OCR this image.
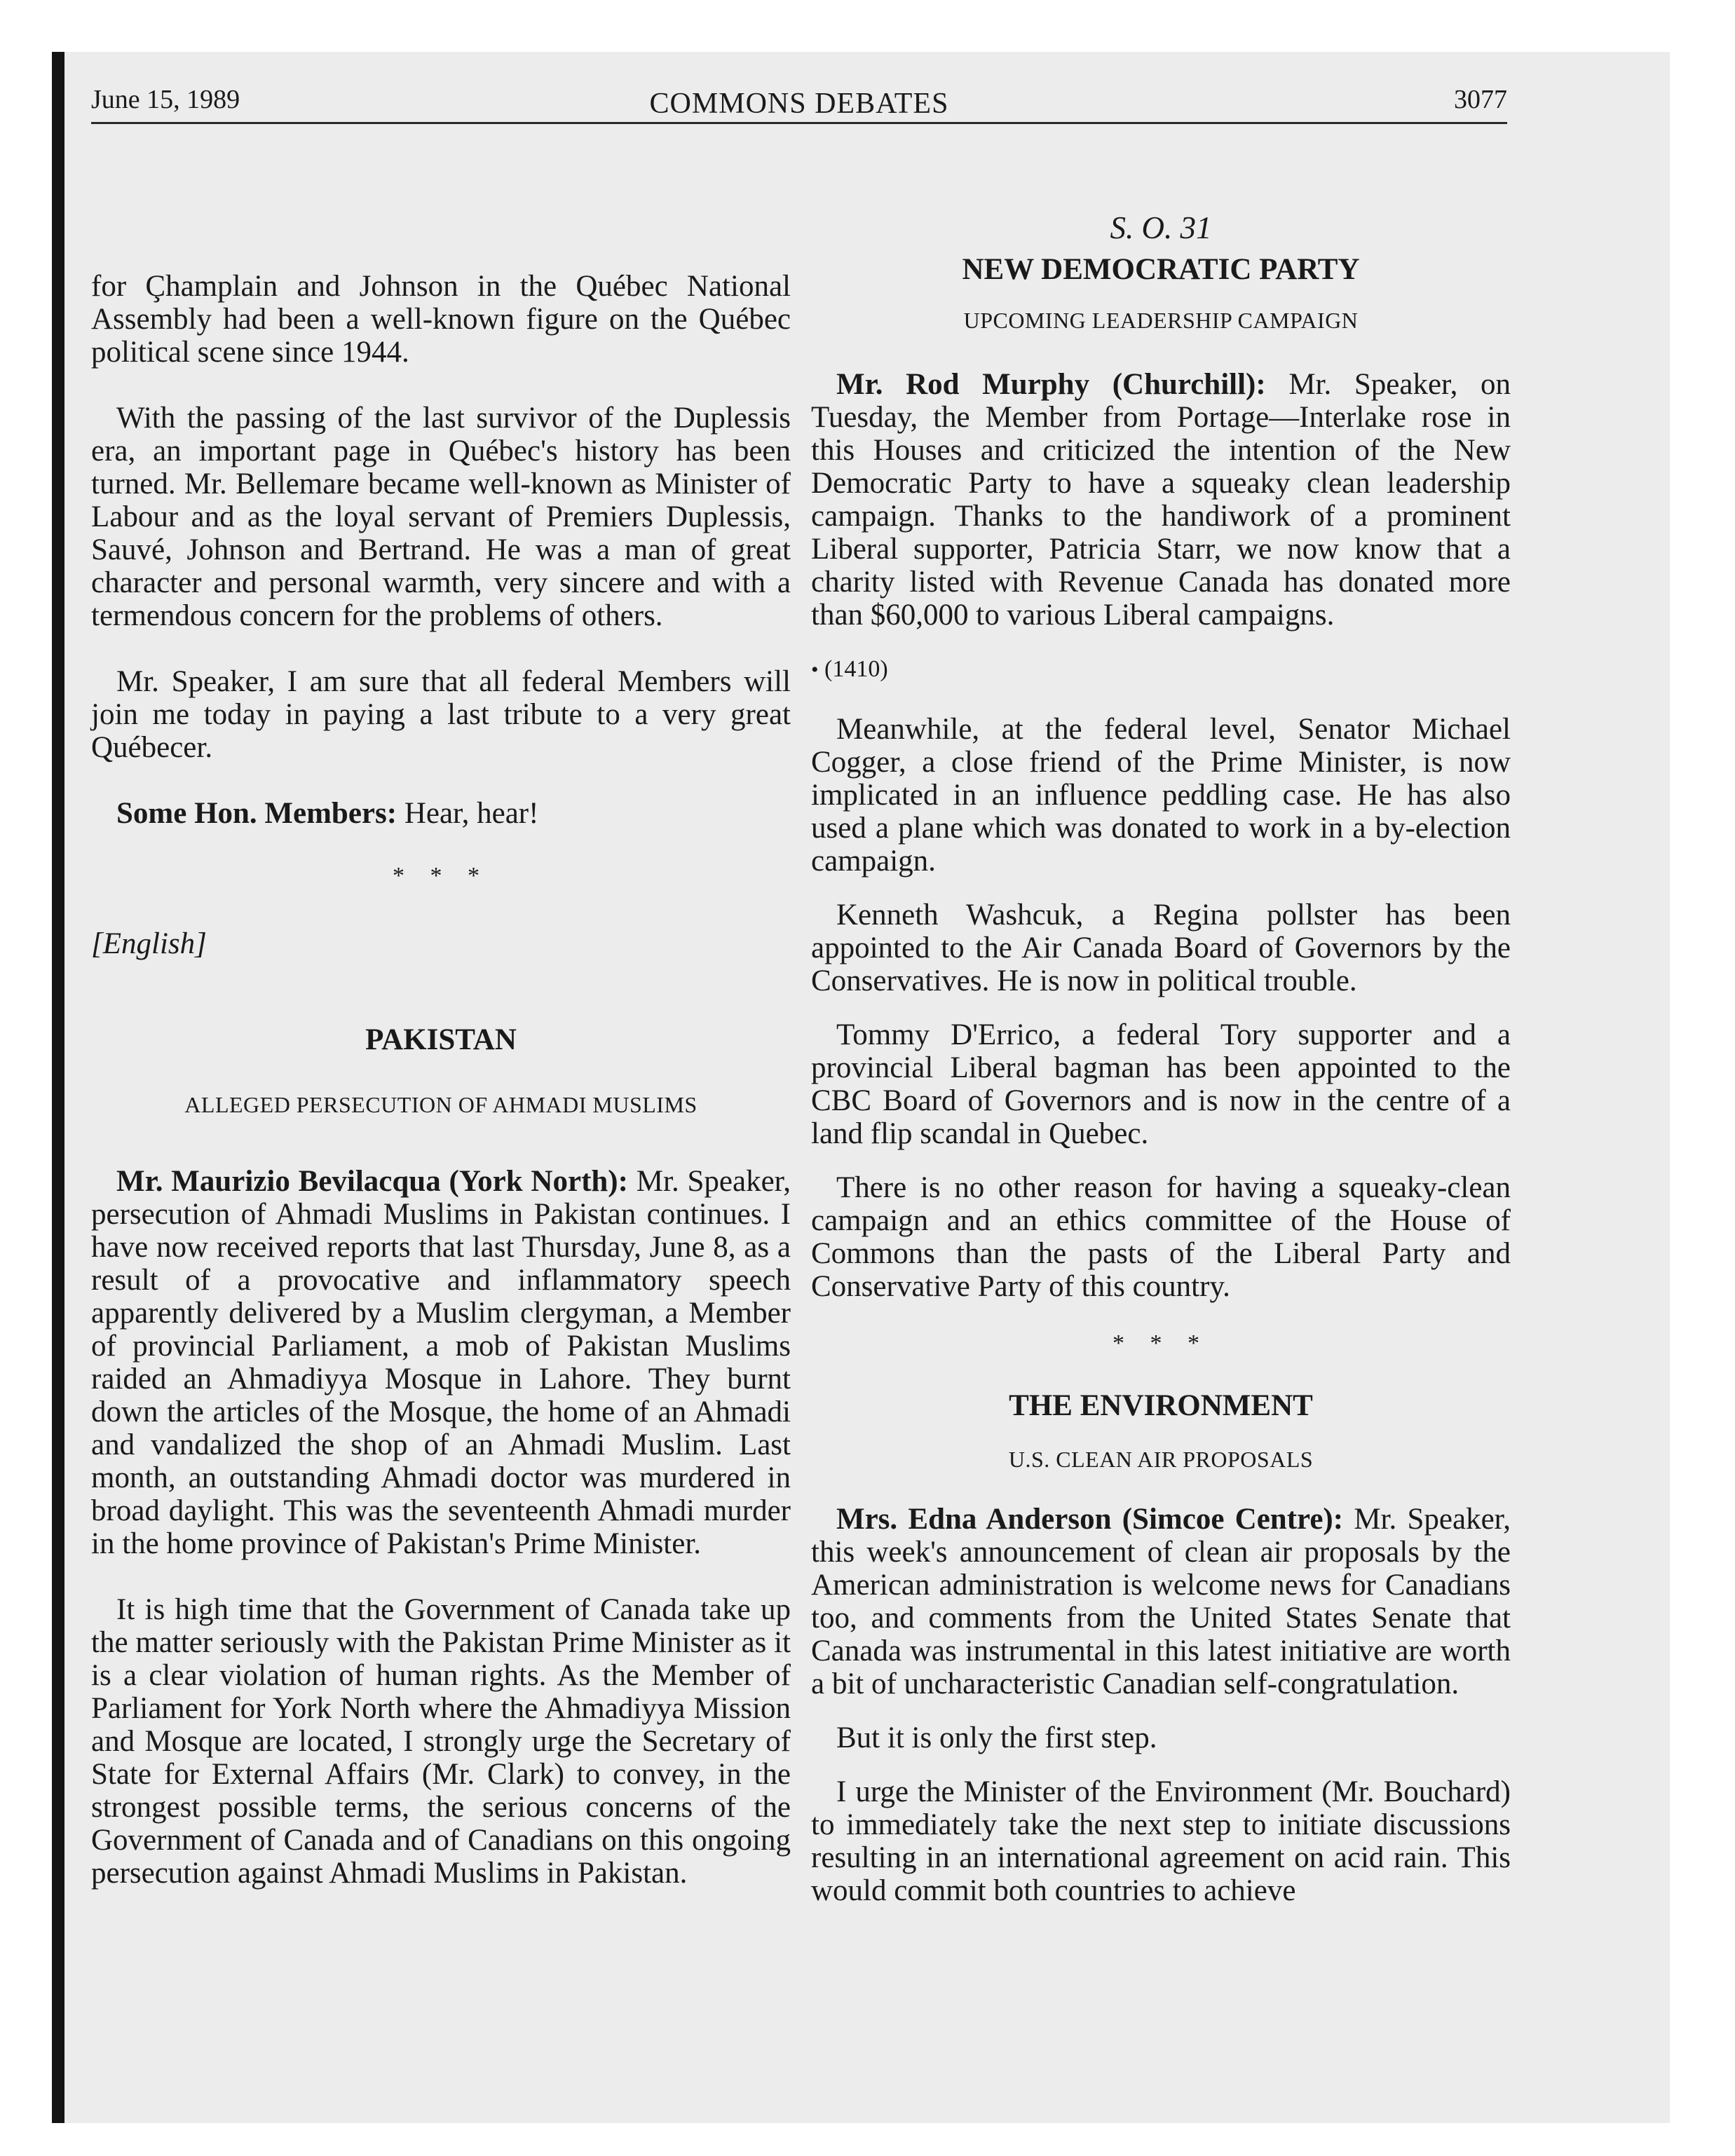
June 15, 1989	COMMONS DEBATES	3077

for Çhamplain and Johnson in the Québec National Assembly had been a well-known figure on the Québec political scene since 1944.

With the passing of the last survivor of the Duplessis era, an important page in Québec's history has been turned. Mr. Bellemare became well-known as Minister of Labour and as the loyal servant of Premiers Duplessis, Sauvé, Johnson and Bertrand. He was a man of great character and personal warmth, very sincere and with a termendous concern for the problems of others.

Mr. Speaker, I am sure that all federal Members will join me today in paying a last tribute to a very great Québecer.

Some Hon. Members: Hear, hear!

* * *

[English]

PAKISTAN

ALLEGED PERSECUTION OF AHMADI MUSLIMS

Mr. Maurizio Bevilacqua (York North): Mr. Speaker, persecution of Ahmadi Muslims in Pakistan continues. I have now received reports that last Thursday, June 8, as a result of a provocative and inflammatory speech apparently delivered by a Muslim clergyman, a Member of provincial Parliament, a mob of Pakistan Muslims raided an Ahmadiyya Mosque in Lahore. They burnt down the articles of the Mosque, the home of an Ahmadi and vandalized the shop of an Ahmadi Muslim. Last month, an outstanding Ahmadi doctor was murdered in broad daylight. This was the seventeenth Ahmadi murder in the home province of Pakistan's Prime Minister.

It is high time that the Government of Canada take up the matter seriously with the Pakistan Prime Minister as it is a clear violation of human rights. As the Member of Parliament for York North where the Ahmadiyya Mission and Mosque are located, I strongly urge the Secretary of State for External Affairs (Mr. Clark) to convey, in the strongest possible terms, the serious concerns of the Government of Canada and of Canadians on this ongoing persecution against Ahmadi Muslims in Pakistan.

S. O. 31

NEW DEMOCRATIC PARTY

UPCOMING LEADERSHIP CAMPAIGN

Mr. Rod Murphy (Churchill): Mr. Speaker, on Tuesday, the Member from Portage—Interlake rose in this Houses and criticized the intention of the New Democratic Party to have a squeaky clean leadership campaign. Thanks to the handiwork of a prominent Liberal supporter, Patricia Starr, we now know that a charity listed with Revenue Canada has donated more than $60,000 to various Liberal campaigns.

• (1410)

Meanwhile, at the federal level, Senator Michael Cogger, a close friend of the Prime Minister, is now implicated in an influence peddling case. He has also used a plane which was donated to work in a by-election campaign.

Kenneth Washcuk, a Regina pollster has been appointed to the Air Canada Board of Governors by the Conservatives. He is now in political trouble.

Tommy D'Errico, a federal Tory supporter and a provincial Liberal bagman has been appointed to the CBC Board of Governors and is now in the centre of a land flip scandal in Quebec.

There is no other reason for having a squeaky-clean campaign and an ethics committee of the House of Commons than the pasts of the Liberal Party and Conservative Party of this country.

* * *

THE ENVIRONMENT

U.S. CLEAN AIR PROPOSALS

Mrs. Edna Anderson (Simcoe Centre): Mr. Speaker, this week's announcement of clean air proposals by the American administration is welcome news for Canadians too, and comments from the United States Senate that Canada was instrumental in this latest initiative are worth a bit of uncharacteristic Canadian self-congratulation.

But it is only the first step.

I urge the Minister of the Environment (Mr. Bouchard) to immediately take the next step to initiate discussions resulting in an international agreement on acid rain. This would commit both countries to achieve
